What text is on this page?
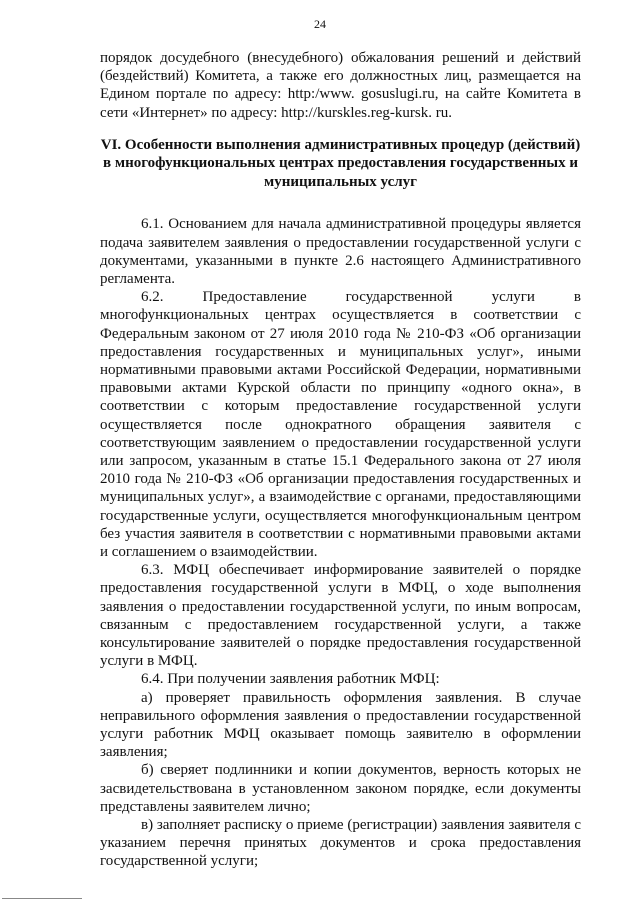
24

порядок досудебного (внесудебного) обжалования решений и действий (бездействий) Комитета, а также его должностных лиц, размещается на Едином портале по адресу: http:/www. gosuslugi.ru, на сайте Комитета в сети «Интернет» по адресу: http://kurskles.reg-kursk. ru.

VI. Особенности выполнения административных процедур (действий) в многофункциональных центрах предоставления государственных и муниципальных услуг

6.1. Основанием для начала административной процедуры является подача заявителем заявления о предоставлении государственной услуги с документами, указанными в пункте 2.6 настоящего Административного регламента.

6.2. Предоставление государственной услуги в многофункциональных центрах осуществляется в соответствии с Федеральным законом от 27 июля 2010 года № 210-ФЗ «Об организации предоставления государственных и муниципальных услуг», иными нормативными правовыми актами Российской Федерации, нормативными правовыми актами Курской области по принципу «одного окна», в соответствии с которым предоставление государственной услуги осуществляется после однократного обращения заявителя с соответствующим заявлением о предоставлении государственной услуги или запросом, указанным в статье 15.1 Федерального закона от 27 июля 2010 года № 210-ФЗ «Об организации предоставления государственных и муниципальных услуг», а взаимодействие с органами, предоставляющими государственные услуги, осуществляется многофункциональным центром без участия заявителя в соответствии с нормативными правовыми актами и соглашением о взаимодействии.

6.3. МФЦ обеспечивает информирование заявителей о порядке предоставления государственной услуги в МФЦ, о ходе выполнения заявления о предоставлении государственной услуги, по иным вопросам, связанным с предоставлением государственной услуги, а также консультирование заявителей о порядке предоставления государственной услуги в МФЦ.

6.4. При получении заявления работник МФЦ:

а) проверяет правильность оформления заявления. В случае неправильного оформления заявления о предоставлении государственной услуги работник МФЦ оказывает помощь заявителю в оформлении заявления;

б) сверяет подлинники и копии документов, верность которых не засвидетельствована в установленном законом порядке, если документы представлены заявителем лично;

в) заполняет расписку о приеме (регистрации) заявления заявителя с указанием перечня принятых документов и срока предоставления государственной услуги;
